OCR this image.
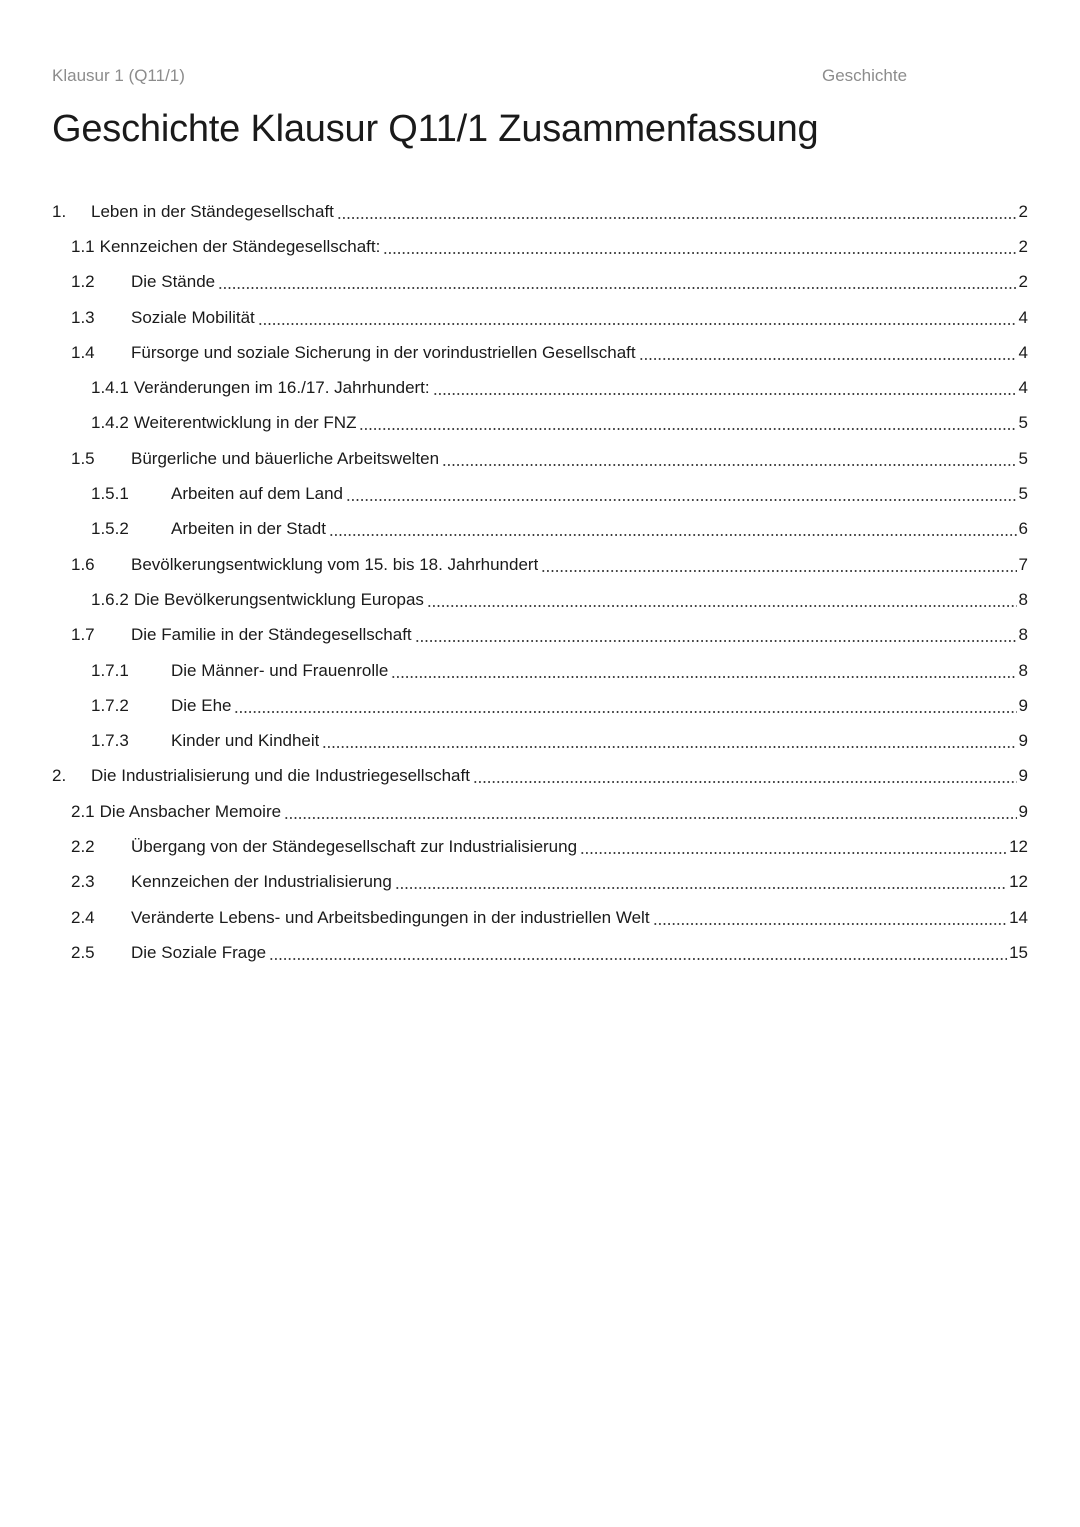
Klausur 1 (Q11/1)	Geschichte
Geschichte Klausur Q11/1 Zusammenfassung
1.	Leben in der Ständegesellschaft	2
1.1 Kennzeichen der Ständegesellschaft:	2
1.2	Die Stände	2
1.3	Soziale Mobilität	4
1.4	Fürsorge und soziale Sicherung in der vorindustriellen Gesellschaft	4
1.4.1 Veränderungen im 16./17. Jahrhundert:	4
1.4.2 Weiterentwicklung in der FNZ	5
1.5	Bürgerliche und bäuerliche Arbeitswelten	5
1.5.1	Arbeiten auf dem Land	5
1.5.2	Arbeiten in der Stadt	6
1.6	Bevölkerungsentwicklung vom 15. bis 18. Jahrhundert	7
1.6.2 Die Bevölkerungsentwicklung Europas	8
1.7	Die Familie in der Ständegesellschaft	8
1.7.1	Die Männer- und Frauenrolle	8
1.7.2	Die Ehe	9
1.7.3	Kinder und Kindheit	9
2.	Die Industrialisierung und die Industriegesellschaft	9
2.1 Die Ansbacher Memoire	9
2.2	Übergang von der Ständegesellschaft zur Industrialisierung	12
2.3	Kennzeichen der Industrialisierung	12
2.4	Veränderte Lebens- und Arbeitsbedingungen in der industriellen Welt	14
2.5	Die Soziale Frage	15
